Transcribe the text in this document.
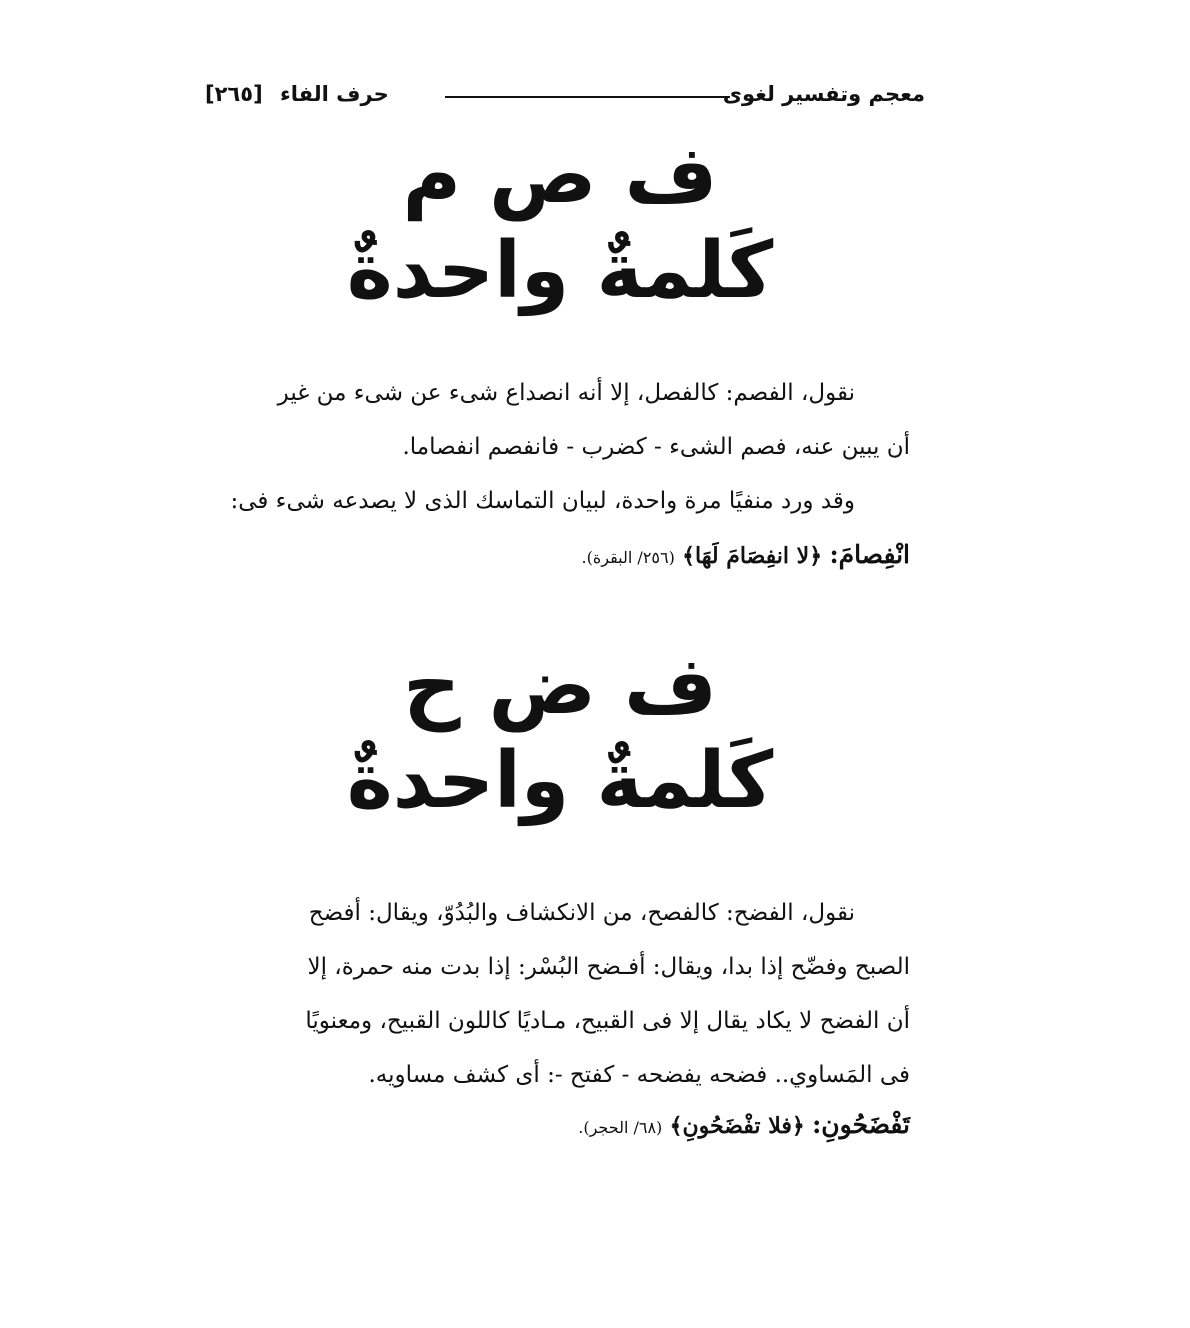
معجم وتفسير لغوى
حرف الفاء [٢٦٥]
ف ص م
كَلمةٌ واحدةٌ
نقول، الفصم: كالفصل، إلا أنه انصداع شىء عن شىء من غير
أن يبين عنه، فصم الشىء - كضرب - فانفصم انفصاما.
وقد ورد منفيًا مرة واحدة، لبيان التماسك الذى لا يصدعه شىء فى:
انْفِصامَ: ﴿لا انفِصَامَ لَهَا﴾ (٢٥٦/ البقرة).
ف ض ح
كَلمةٌ واحدةٌ
نقول، الفضح: كالفصح، من الانكشاف والبُدُوّ، ويقال: أفضح
الصبح وفضّح إذا بدا، ويقال: أفـضح البُسْر: إذا بدت منه حمرة، إلا
أن الفضح لا يكاد يقال إلا فى القبيح، مـاديًا كاللون القبيح، ومعنويًا
فى المَساوي.. فضحه يفضحه - كفتح -: أى كشف مساويه.
تَفْضَحُونِ: ﴿فلا تفْضَحُونِ﴾ (٦٨/ الحجر).
